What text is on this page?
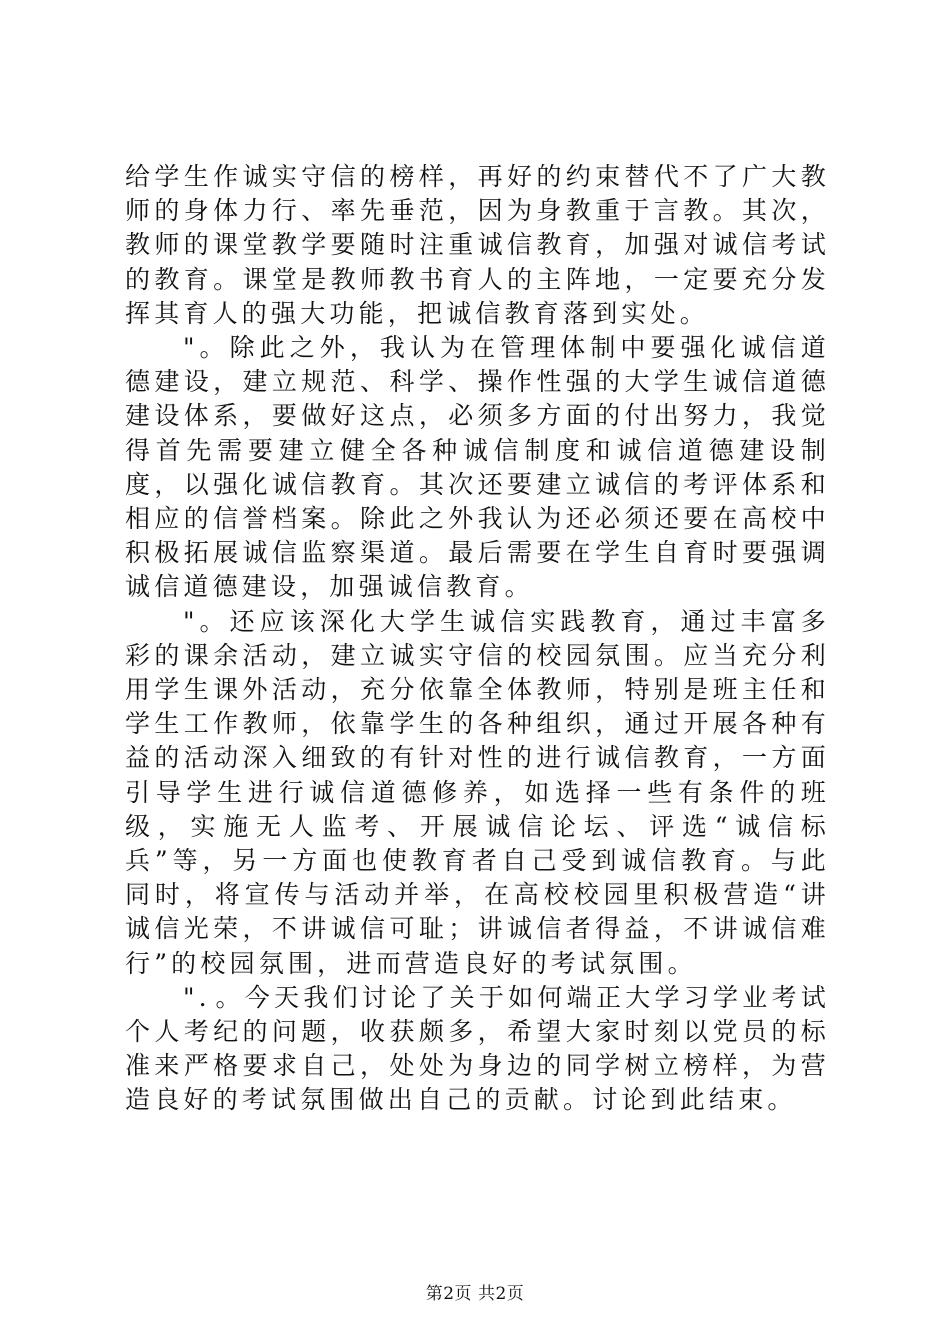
给学生作诚实守信的榜样，再好的约束替代不了广大教师的身体力行、率先垂范，因为身教重于言教。其次，教师的课堂教学要随时注重诚信教育，加强对诚信考试的教育。课堂是教师教书育人的主阵地，一定要充分发挥其育人的强大功能，把诚信教育落到实处。

"。除此之外，我认为在管理体制中要强化诚信道德建设，建立规范、科学、操作性强的大学生诚信道德建设体系，要做好这点，必须多方面的付出努力，我觉得首先需要建立健全各种诚信制度和诚信道德建设制度，以强化诚信教育。其次还要建立诚信的考评体系和相应的信誉档案。除此之外我认为还必须还要在高校中积极拓展诚信监察渠道。最后需要在学生自育时要强调诚信道德建设，加强诚信教育。

"。还应该深化大学生诚信实践教育，通过丰富多彩的课余活动，建立诚实守信的校园氛围。应当充分利用学生课外活动，充分依靠全体教师，特别是班主任和学生工作教师，依靠学生的各种组织，通过开展各种有益的活动深入细致的有针对性的进行诚信教育，一方面引导学生进行诚信道德修养，如选择一些有条件的班级，实施无人监考、开展诚信论坛、评选“诚信标兵”等，另一方面也使教育者自己受到诚信教育。与此同时，将宣传与活动并举，在高校校园里积极营造“讲诚信光荣，不讲诚信可耻；讲诚信者得益，不讲诚信难行”的校园氛围，进而营造良好的考试氛围。

"．。今天我们讨论了关于如何端正大学习学业考试个人考纪的问题，收获颇多，希望大家时刻以党员的标准来严格要求自己，处处为身边的同学树立榜样，为营造良好的考试氛围做出自己的贡献。讨论到此结束。

第2页 共2页
